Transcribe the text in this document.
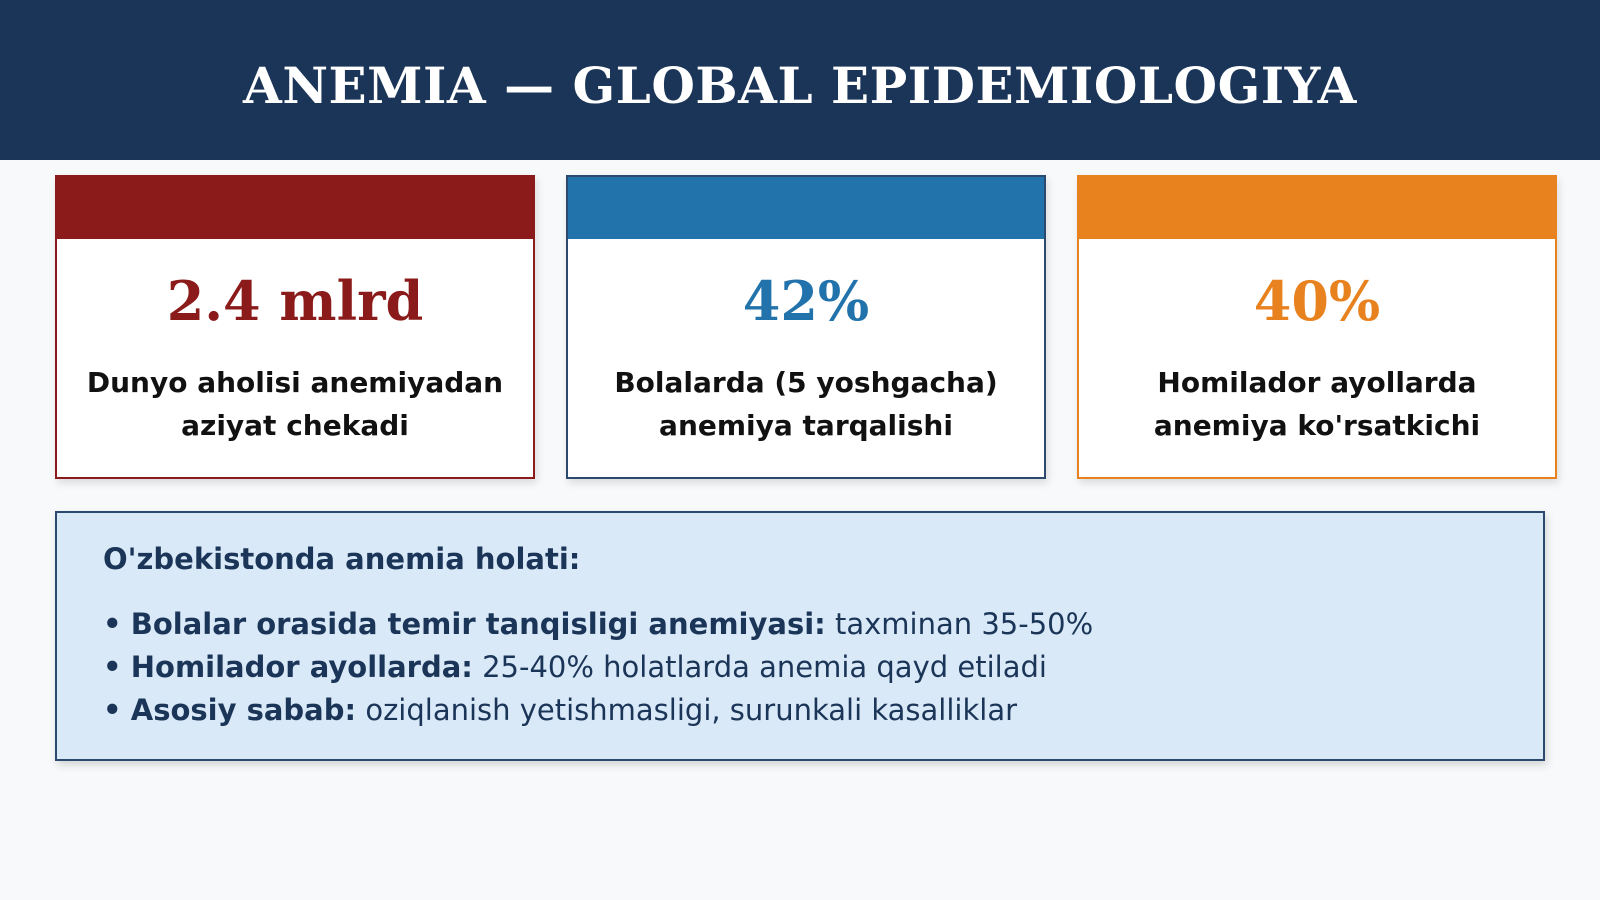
ANEMIA — GLOBAL EPIDEMIOLOGIYA
2.4 mlrd
Dunyo aholisi anemiyadan
aziyat chekadi
42%
Bolalarda (5 yoshgacha)
anemiya tarqalishi
40%
Homilador ayollarda
anemiya ko'rsatkichi
O'zbekistonda anemia holati:
• Bolalar orasida temir tanqisligi anemiyasi: taxminan 35-50%
• Homilador ayollarda: 25-40% holatlarda anemia qayd etiladi
• Asosiy sabab: oziqlanish yetishmasligi, surunkali kasalliklar
